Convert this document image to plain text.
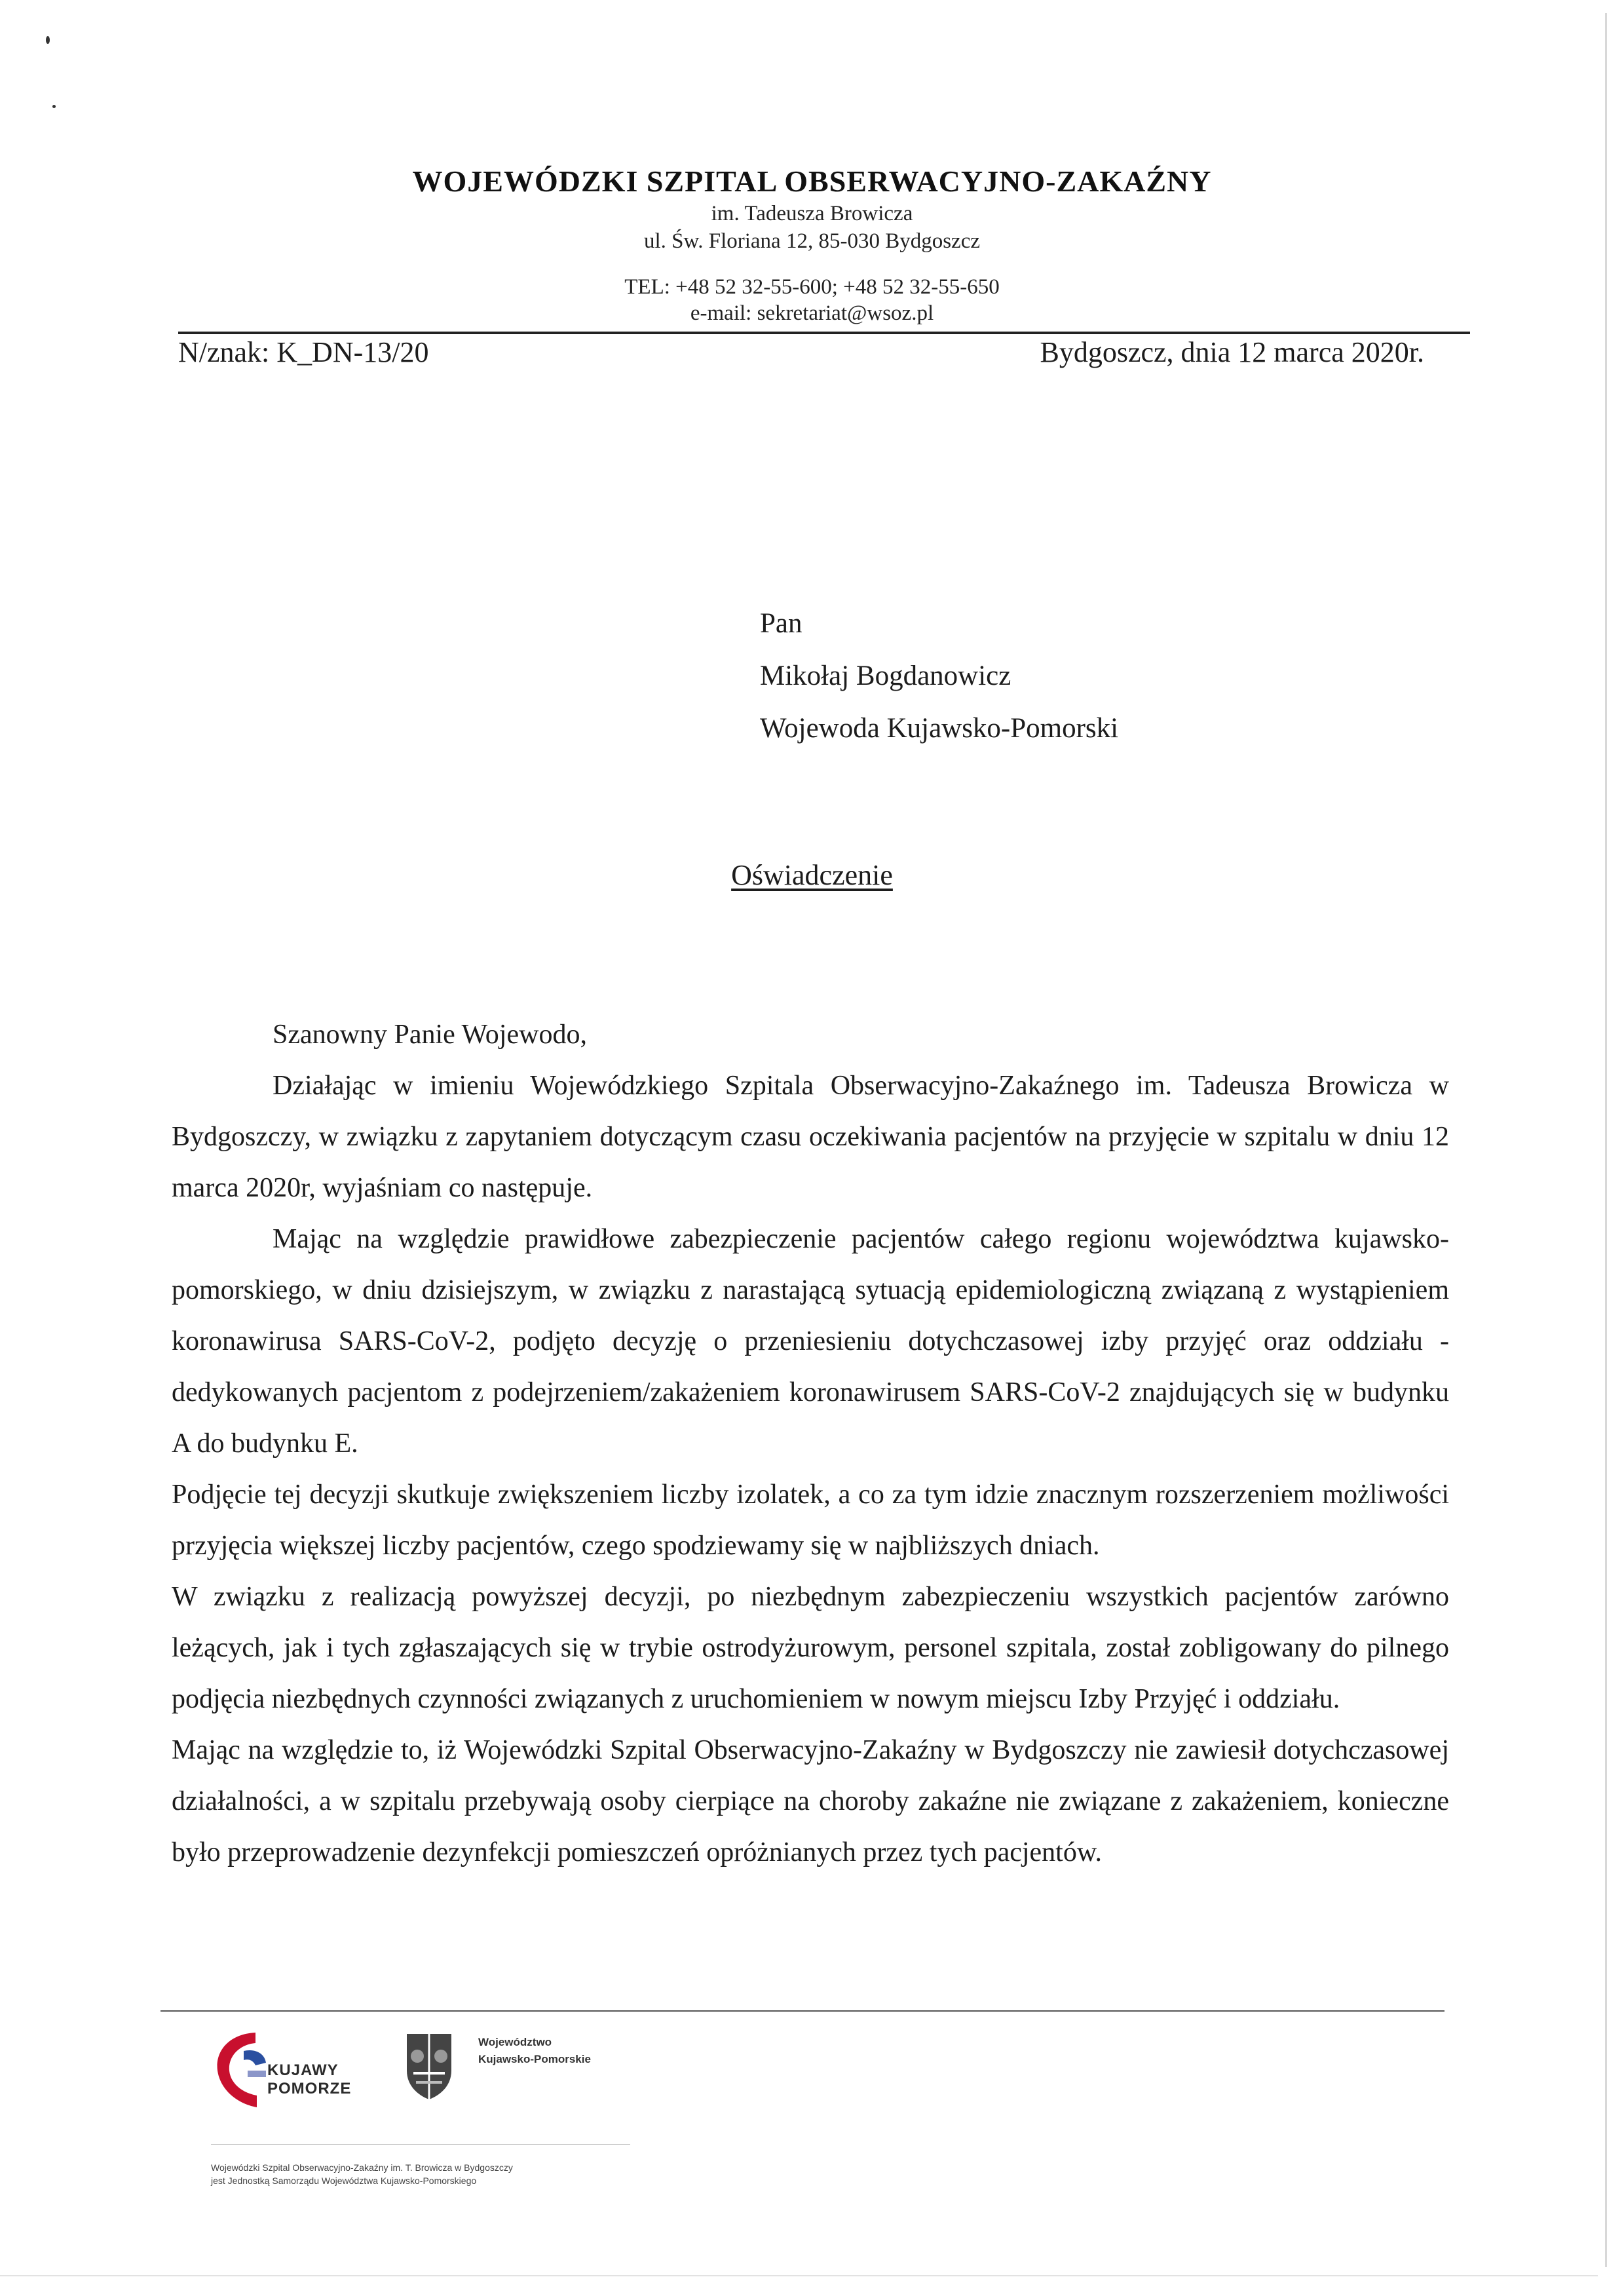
WOJEWÓDZKI SZPITAL OBSERWACYJNO-ZAKAŹNY
im. Tadeusza Browicza
ul. Św. Floriana 12, 85-030 Bydgoszcz
TEL: +48 52 32-55-600; +48 52 32-55-650
e-mail: sekretariat@wsoz.pl
N/znak: K_DN-13/20	Bydgoszcz, dnia 12 marca 2020r.
Pan
Mikołaj Bogdanowicz
Wojewoda Kujawsko-Pomorski
Oświadczenie

Szanowny Panie Wojewodo,

Działając w imieniu Wojewódzkiego Szpitala Obserwacyjno-Zakaźnego im. Tadeusza Browicza w Bydgoszczy, w związku z zapytaniem dotyczącym czasu oczekiwania pacjentów na przyjęcie w szpitalu w dniu 12 marca 2020r, wyjaśniam co następuje.

Mając na względzie prawidłowe zabezpieczenie pacjentów całego regionu województwa kujawsko-pomorskiego, w dniu dzisiejszym, w związku z narastającą sytuacją epidemiologiczną związaną z wystąpieniem koronawirusa SARS-CoV-2, podjęto decyzję o przeniesieniu dotychczasowej izby przyjęć oraz oddziału - dedykowanych pacjentom z podejrzeniem/zakażeniem koronawirusem SARS-CoV-2 znajdujących się w budynku A do budynku E.

Podjęcie tej decyzji skutkuje zwiększeniem liczby izolatek, a co za tym idzie znacznym rozszerzeniem możliwości przyjęcia większej liczby pacjentów, czego spodziewamy się w najbliższych dniach.

W związku z realizacją powyższej decyzji, po niezbędnym zabezpieczeniu wszystkich pacjentów zarówno leżących, jak i tych zgłaszających się w trybie ostrodyżurowym, personel szpitala, został zobligowany do pilnego podjęcia niezbędnych czynności związanych z uruchomieniem w nowym miejscu Izby Przyjęć i oddziału.

Mając na względzie to, iż Wojewódzki Szpital Obserwacyjno-Zakaźny w Bydgoszczy nie zawiesił dotychczasowej działalności, a w szpitalu przebywają osoby cierpiące na choroby zakaźne nie związane z zakażeniem, konieczne było przeprowadzenie dezynfekcji pomieszczeń opróżnianych przez tych pacjentów.

KUJAWY
POMORZE
Województwo
Kujawsko-Pomorskie
Wojewódzki Szpital Obserwacyjno-Zakaźny im. T. Browicza w Bydgoszczy
jest Jednostką Samorządu Województwa Kujawsko-Pomorskiego
